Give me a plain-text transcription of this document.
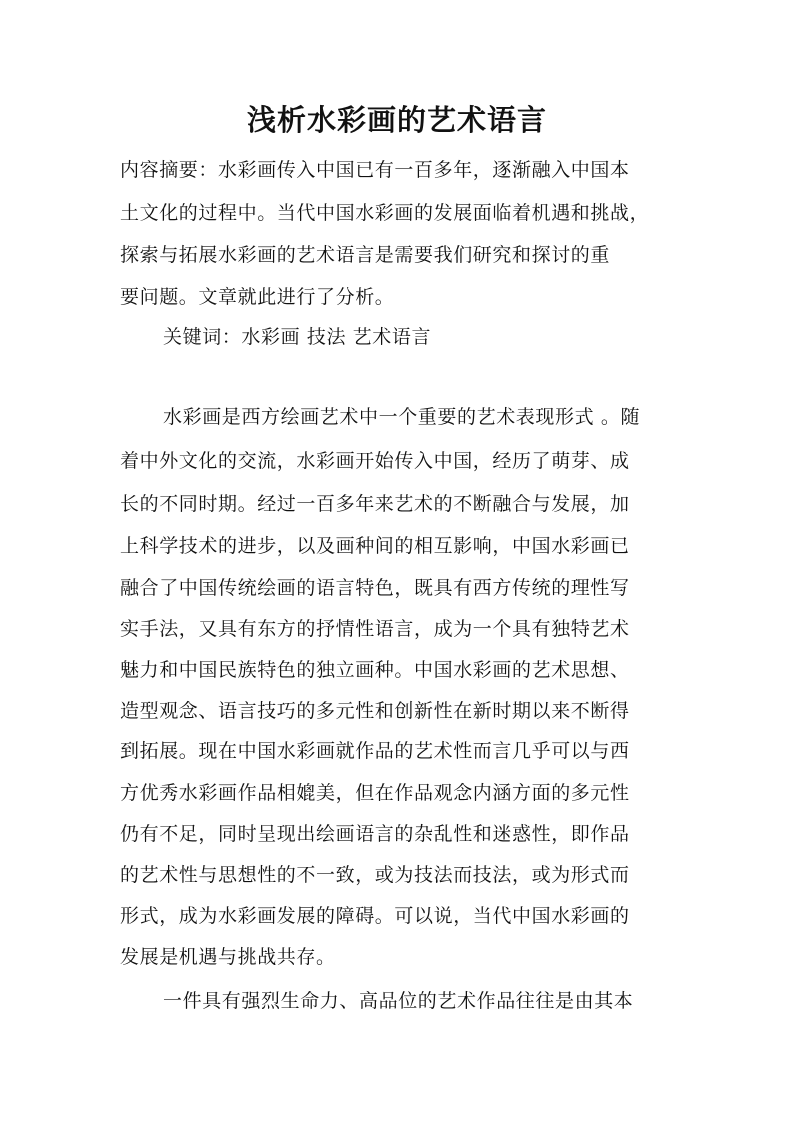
浅析水彩画的艺术语言

内容摘要：水彩画传入中国已有一百多年，逐渐融入中国本

土文化的过程中。当代中国水彩画的发展面临着机遇和挑战，

探索与拓展水彩画的艺术语言是需要我们研究和探讨的重

要问题。文章就此进行了分析。

关键词：水彩画 技法 艺术语言

水彩画是西方绘画艺术中一个重要的艺术表现形式 。随

着中外文化的交流，水彩画开始传入中国，经历了萌芽、成

长的不同时期。经过一百多年来艺术的不断融合与发展，加

上科学技术的进步，以及画种间的相互影响，中国水彩画已

融合了中国传统绘画的语言特色，既具有西方传统的理性写

实手法，又具有东方的抒情性语言，成为一个具有独特艺术

魅力和中国民族特色的独立画种。中国水彩画的艺术思想、

造型观念、语言技巧的多元性和创新性在新时期以来不断得

到拓展。现在中国水彩画就作品的艺术性而言几乎可以与西

方优秀水彩画作品相媲美，但在作品观念内涵方面的多元性

仍有不足，同时呈现出绘画语言的杂乱性和迷惑性，即作品

的艺术性与思想性的不一致，或为技法而技法，或为形式而

形式，成为水彩画发展的障碍。可以说，当代中国水彩画的

发展是机遇与挑战共存。

一件具有强烈生命力、高品位的艺术作品往往是由其本
